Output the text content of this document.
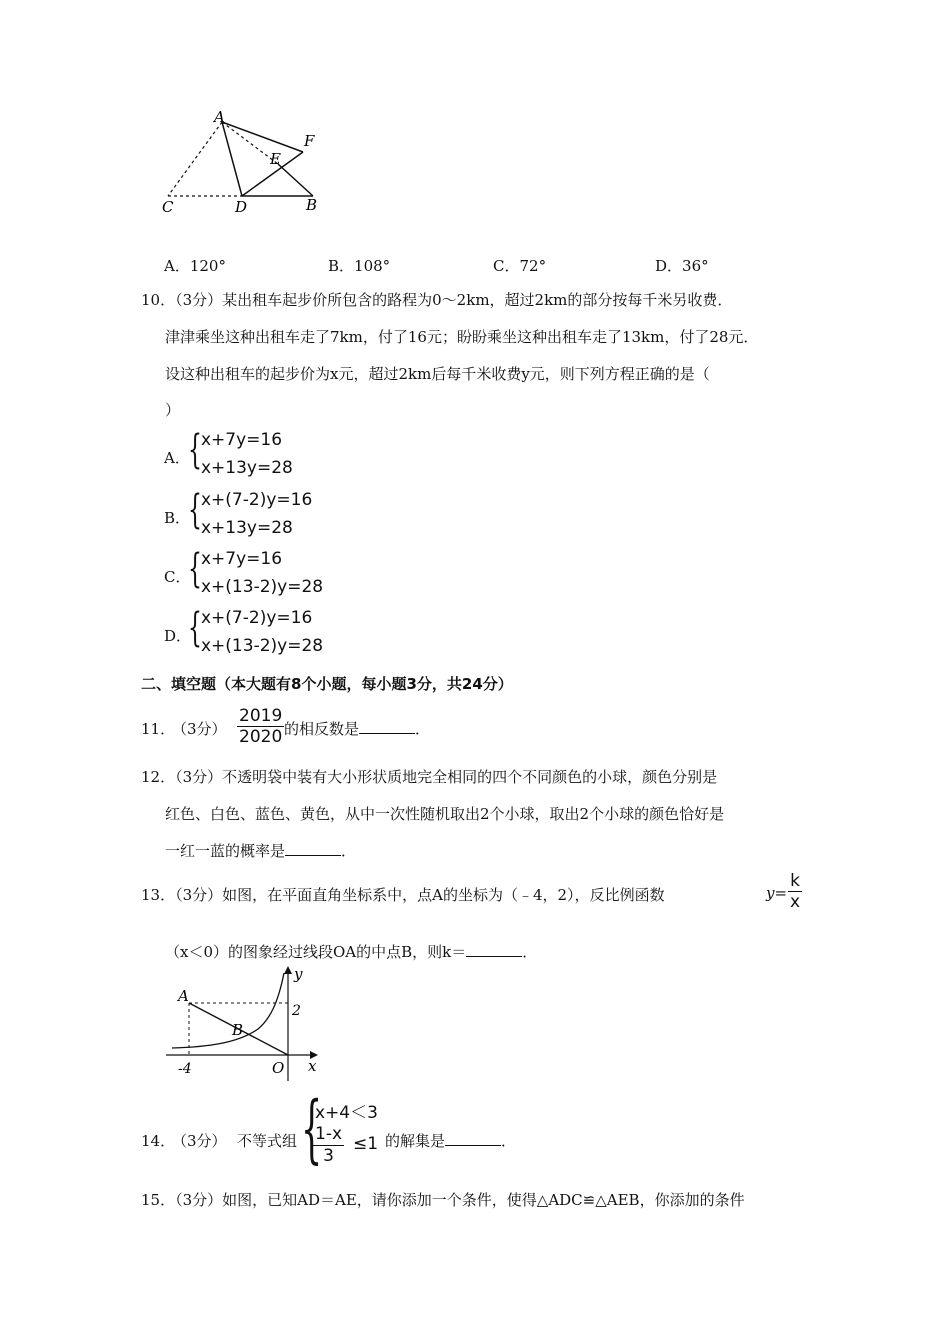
A
F
E
C	D	B
A．120°	B．108°	C．72°	D．36°
10．（3分）某出租车起步价所包含的路程为0～2km，超过2km的部分按每千米另收费．
津津乘坐这种出租车走了7km，付了16元；盼盼乘坐这种出租车走了13km，付了28元．
设这种出租车的起步价为x元，超过2km后每千米收费y元，则下列方程正确的是（
）
A．
{ x+7y=16
x+13y=28
B．
{ x+(7-2)y=16
x+13y=28
C．
{ x+7y=16
x+(13-2)y=28
D．
{ x+(7-2)y=16
x+(13-2)y=28
二、填空题（本大题有8个小题，每小题3分，共24分）
11．
（3分） $\frac{2019}{2020}$ 的相反数是	．
12．（3分）不透明袋中装有大小形状质地完全相同的四个不同颜色的小球，颜色分别是
红色、白色、蓝色、黄色，从中一次性随机取出2个小球，取出2个小球的颜色恰好是
一红一蓝的概率是	．
13．（3分）如图，在平面直角坐标系中，点A的坐标为（﹣4，2），反比例函数	$y= \frac{k}{x}$
（x＜0）的图象经过线段OA的中点B，则k＝	．
y
A
2
B
-4	O x
14．
（3分） 不等式组 {
x+4＜3
$\frac{1-x}{3} \le 1$ 的解集是	．
15．（3分）如图，已知AD＝AE，请你添加一个条件，使得△ADC≌△AEB，你添加的条件
